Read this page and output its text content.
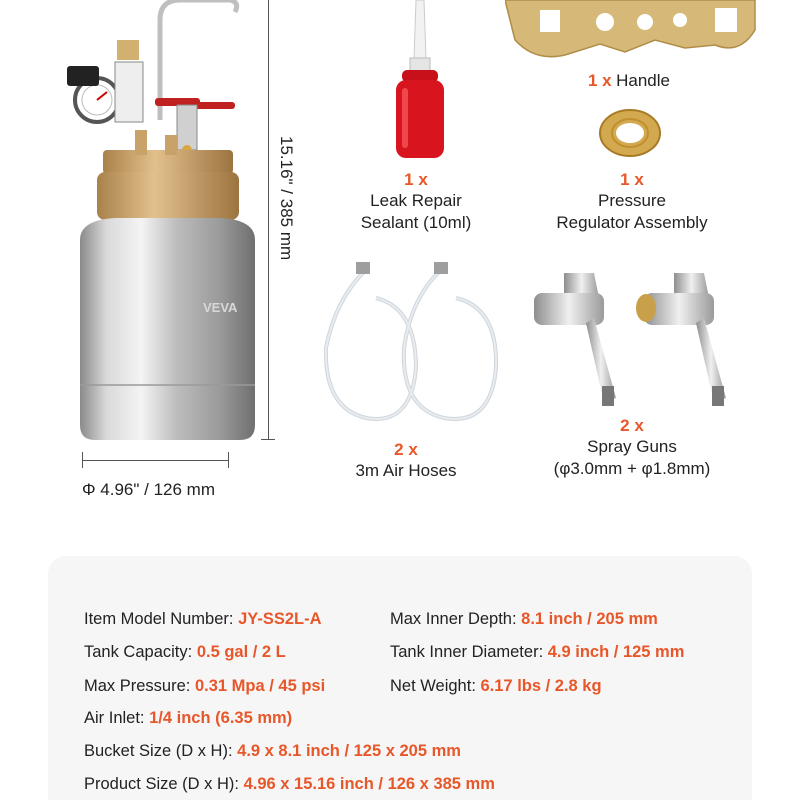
VEVA
15.16" / 385 mm
Φ 4.96" / 126 mm
1 x
Leak Repair
Sealant (10ml)
1 x Handle
1 x
Pressure
Regulator Assembly
2 x
3m Air Hoses
2 x
Spray Guns
(φ3.0mm + φ1.8mm)
Item Model Number: JY-SS2L-A	Max Inner Depth: 8.1 inch / 205 mm
Tank Capacity: 0.5 gal / 2 L	Tank Inner Diameter: 4.9 inch / 125 mm
Max Pressure: 0.31 Mpa / 45 psi	Net Weight: 6.17 lbs / 2.8 kg
Air Inlet: 1/4 inch (6.35 mm)
Bucket Size (D x H): 4.9 x 8.1 inch / 125 x 205 mm
Product Size (D x H): 4.96 x 15.16 inch / 126 x 385 mm
